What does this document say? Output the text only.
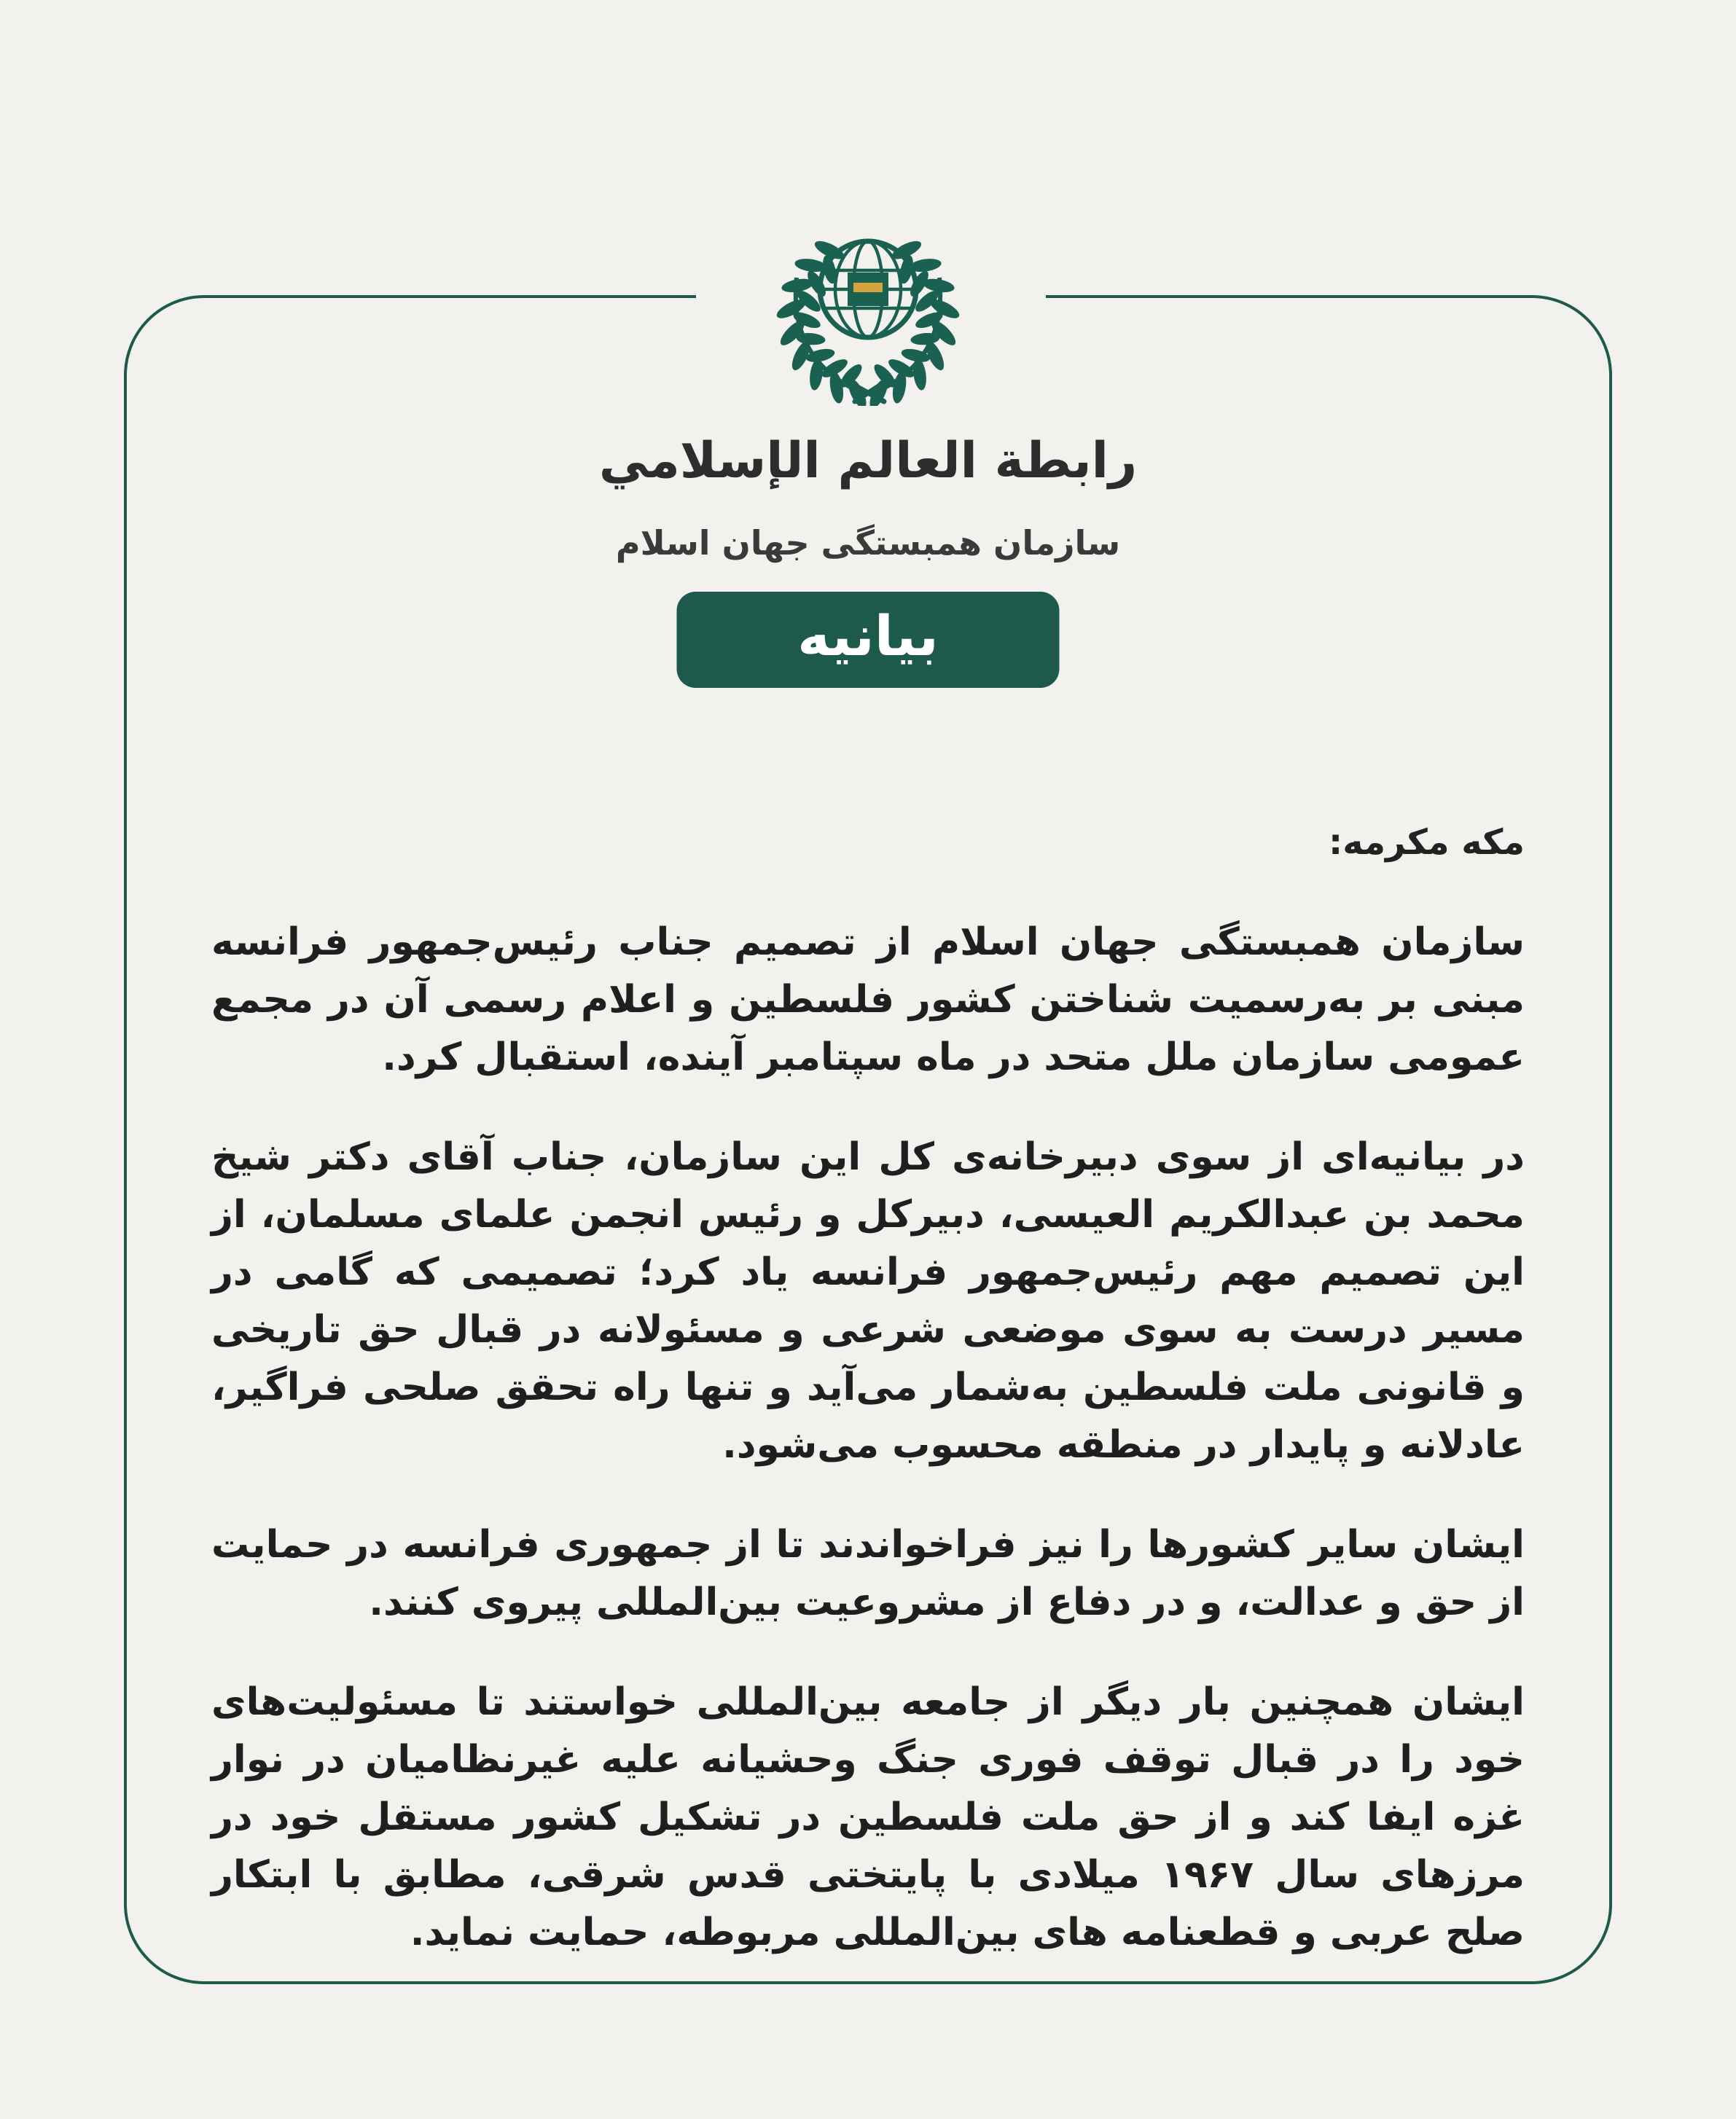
رابطة العالم الإسلامي
سازمان همبستگی جهان اسلام
بیانیه
مکه مکرمه:

سازمان همبستگی جهان اسلام از تصمیم جناب رئیس‌جمهور فرانسه مبنی بر به‌رسمیت شناختن کشور فلسطین و اعلام رسمی آن در مجمع عمومی سازمان ملل متحد در ماه سپتامبر آینده، استقبال کرد.

در بیانیه‌ای از سوی دبیرخانه‌ی کل این سازمان، جناب آقای دکتر شیخ محمد بن عبدالکریم العیسی، دبیرکل و رئیس انجمن علمای مسلمان، از این تصمیم مهم رئیس‌جمهور فرانسه یاد کرد؛ تصمیمی که گامی در مسیر درست به سوی موضعی شرعی و مسئولانه در قبال حق تاریخی و قانونی ملت فلسطین به‌شمار می‌آید و تنها راه تحقق صلحی فراگیر، عادلانه و پایدار در منطقه محسوب می‌شود.

ایشان سایر کشورها را نیز فراخواندند تا از جمهوری فرانسه در حمایت از حق و عدالت، و در دفاع از مشروعیت بین‌المللی پیروی کنند.

ایشان همچنین بار دیگر از جامعه بین‌المللی خواستند تا مسئولیت‌های خود را در قبال توقف فوری جنگ وحشیانه علیه غیرنظامیان در نوار غزه ایفا کند و از حق ملت فلسطین در تشکیل کشور مستقل خود در مرزهای سال ۱۹۶۷ میلادی با پایتختی قدس شرقی، مطابق با ابتکار صلح عربی و قطعنامه های بین‌المللی مربوطه، حمایت نماید.
